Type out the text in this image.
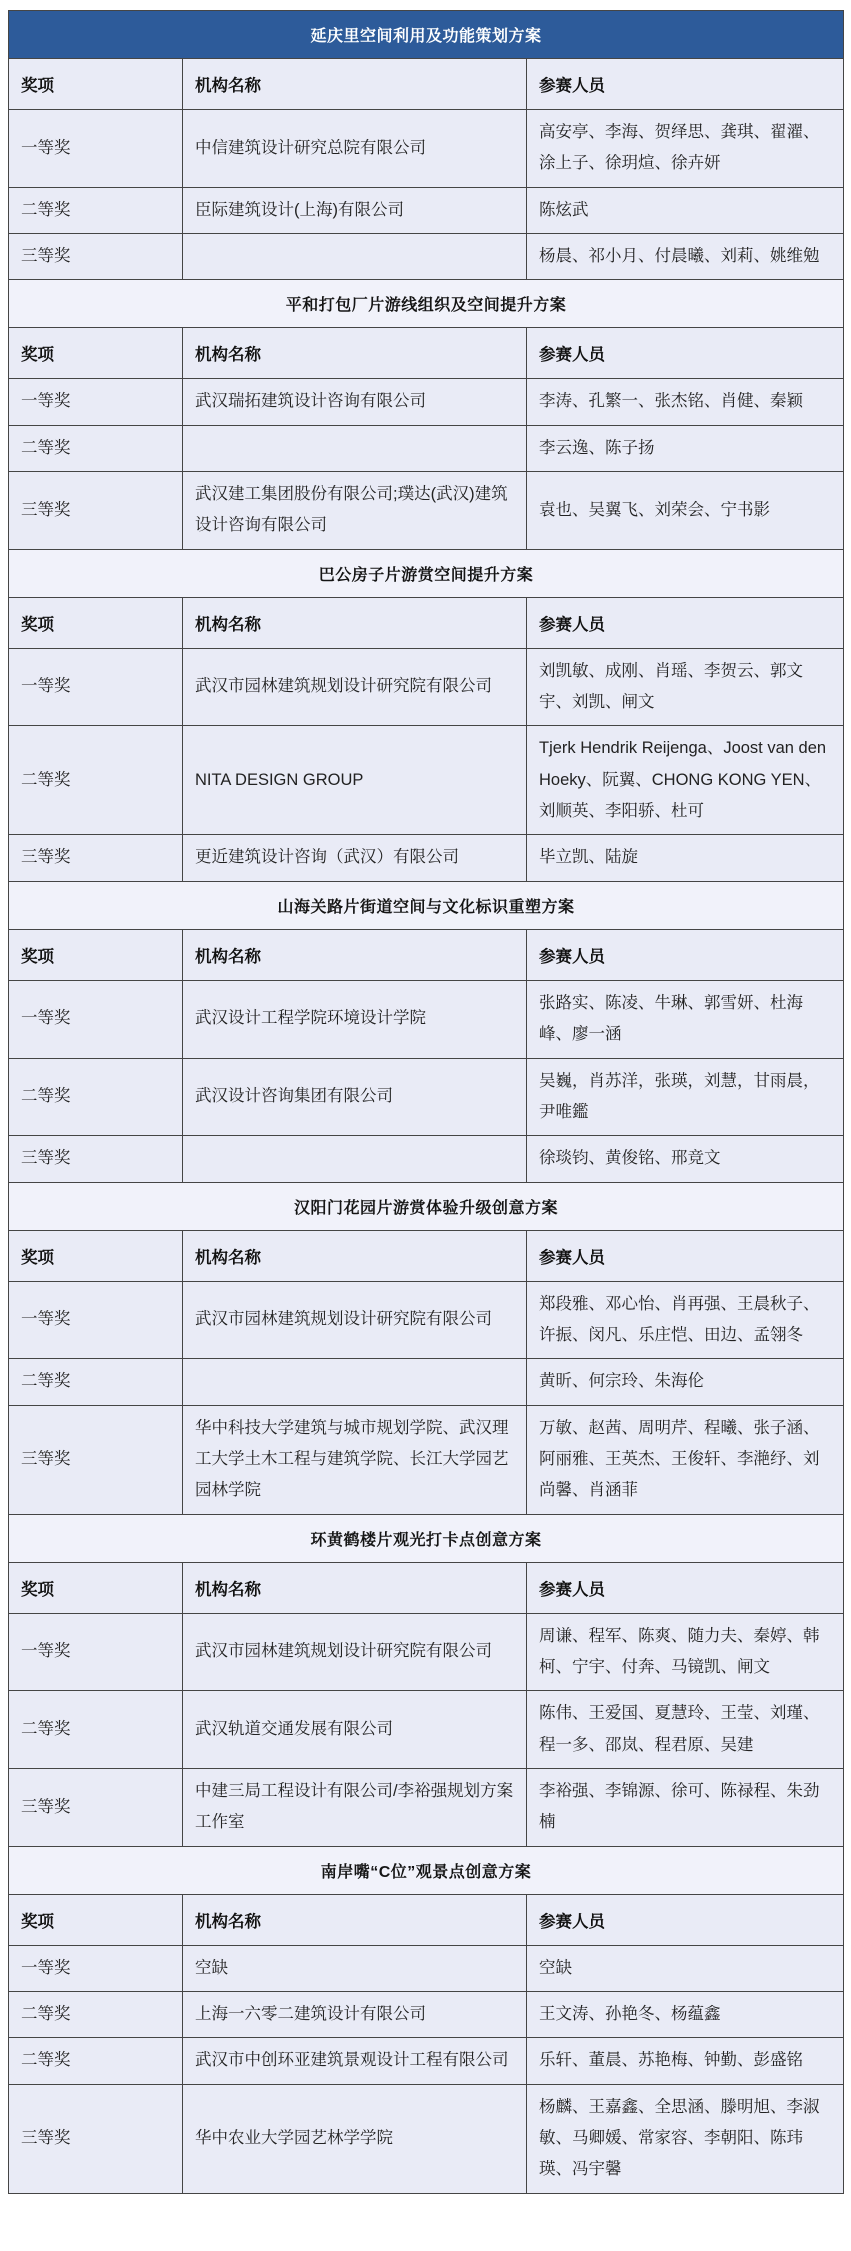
延庆里空间利用及功能策划方案		
奖项	机构名称	参赛人员
一等奖	中信建筑设计研究总院有限公司	高安亭、李海、贺绎思、龚琪、翟濯、涂上子、徐玥煊、徐卉妍
二等奖	臣际建筑设计(上海)有限公司	陈炫武
三等奖		杨晨、祁小月、付晨曦、刘莉、姚维勉
平和打包厂片游线组织及空间提升方案		
奖项	机构名称	参赛人员
一等奖	武汉瑞拓建筑设计咨询有限公司	李涛、孔繁一、张杰铭、肖健、秦颖
二等奖		李云逸、陈子扬
三等奖	武汉建工集团股份有限公司;璞达(武汉)建筑设计咨询有限公司	袁也、吴翼飞、刘荣会、宁书影
巴公房子片游赏空间提升方案		
奖项	机构名称	参赛人员
一等奖	武汉市园林建筑规划设计研究院有限公司	刘凯敏、成刚、肖瑶、李贺云、郭文宇、刘凯、闸文
二等奖	NITA DESIGN GROUP	Tjerk Hendrik Reijenga、Joost van den Hoeky、阮翼、CHONG KONG YEN、刘顺英、李阳骄、杜可
三等奖	更近建筑设计咨询（武汉）有限公司	毕立凯、陆旋
山海关路片街道空间与文化标识重塑方案		
奖项	机构名称	参赛人员
一等奖	武汉设计工程学院环境设计学院	张路实、陈凌、牛琳、郭雪妍、杜海峰、廖一涵
二等奖	武汉设计咨询集团有限公司	吴巍，肖苏洋，张瑛，刘慧，甘雨晨，尹唯鑑
三等奖		徐琰钧、黄俊铭、邢竞文
汉阳门花园片游赏体验升级创意方案		
奖项	机构名称	参赛人员
一等奖	武汉市园林建筑规划设计研究院有限公司	郑段雅、邓心怡、肖再强、王晨秋子、许振、闵凡、乐庄恺、田边、孟翎冬
二等奖		黄昕、何宗玲、朱海伦
三等奖	华中科技大学建筑与城市规划学院、武汉理工大学土木工程与建筑学院、长江大学园艺园林学院	万敏、赵茜、周明芹、程曦、张子涵、阿丽雅、王英杰、王俊轩、李滟纾、刘尚馨、肖涵菲
环黄鹤楼片观光打卡点创意方案		
奖项	机构名称	参赛人员
一等奖	武汉市园林建筑规划设计研究院有限公司	周谦、程军、陈爽、随力夫、秦婷、韩柯、宁宇、付奔、马镜凯、闸文
二等奖	武汉轨道交通发展有限公司	陈伟、王爱国、夏慧玲、王莹、刘瑾、程一多、邵岚、程君原、吴建
三等奖	中建三局工程设计有限公司/李裕强规划方案工作室	李裕强、李锦源、徐可、陈禄程、朱劲楠
南岸嘴“C位”观景点创意方案		
奖项	机构名称	参赛人员
一等奖	空缺	空缺
二等奖	上海一六零二建筑设计有限公司	王文涛、孙艳冬、杨蕴鑫
二等奖	武汉市中创环亚建筑景观设计工程有限公司	乐轩、董晨、苏艳梅、钟勤、彭盛铭
三等奖	华中农业大学园艺林学学院	杨麟、王嘉鑫、全思涵、滕明旭、李淑敏、马卿媛、常家容、李朝阳、陈玮瑛、冯宇馨
